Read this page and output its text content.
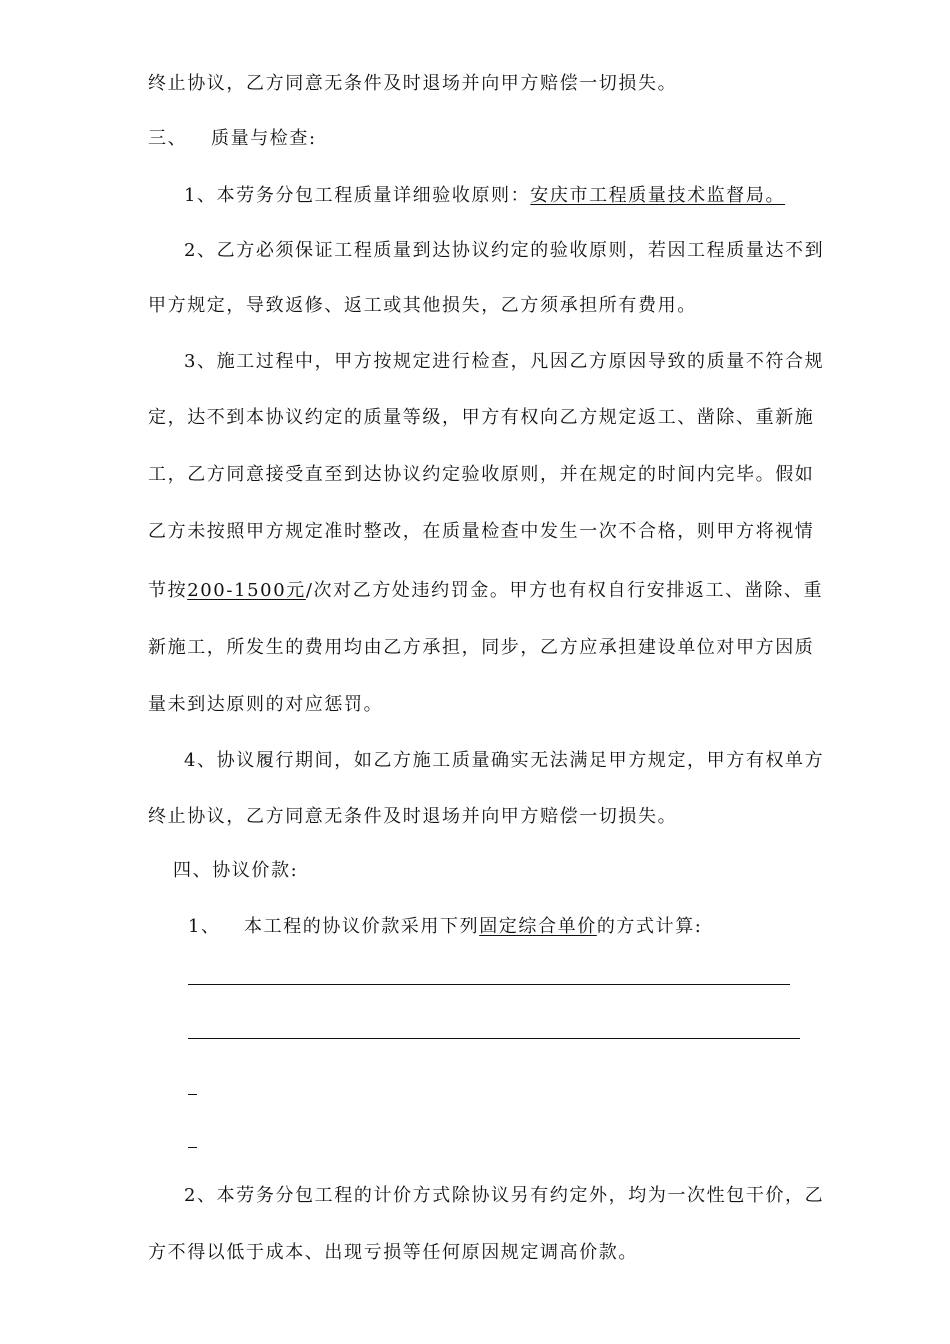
终止协议，乙方同意无条件及时退场并向甲方赔偿一切损失。
三、 质量与检查:
1、本劳务分包工程质量详细验收原则：安庆市工程质量技术监督局。
2、乙方必须保证工程质量到达协议约定的验收原则，若因工程质量达不到
甲方规定，导致返修、返工或其他损失，乙方须承担所有费用。
3、施工过程中，甲方按规定进行检查，凡因乙方原因导致的质量不符合规
定，达不到本协议约定的质量等级，甲方有权向乙方规定返工、凿除、重新施
工，乙方同意接受直至到达协议约定验收原则，并在规定的时间内完毕。假如
乙方未按照甲方规定准时整改，在质量检查中发生一次不合格，则甲方将视情
节按200-1500元/次对乙方处违约罚金。甲方也有权自行安排返工、凿除、重
新施工，所发生的费用均由乙方承担，同步，乙方应承担建设单位对甲方因质
量未到达原则的对应惩罚。
4、协议履行期间，如乙方施工质量确实无法满足甲方规定，甲方有权单方
终止协议，乙方同意无条件及时退场并向甲方赔偿一切损失。
四、协议价款:
1、 本工程的协议价款采用下列固定综合单价的方式计算:
2、本劳务分包工程的计价方式除协议另有约定外，均为一次性包干价，乙
方不得以低于成本、出现亏损等任何原因规定调高价款。
